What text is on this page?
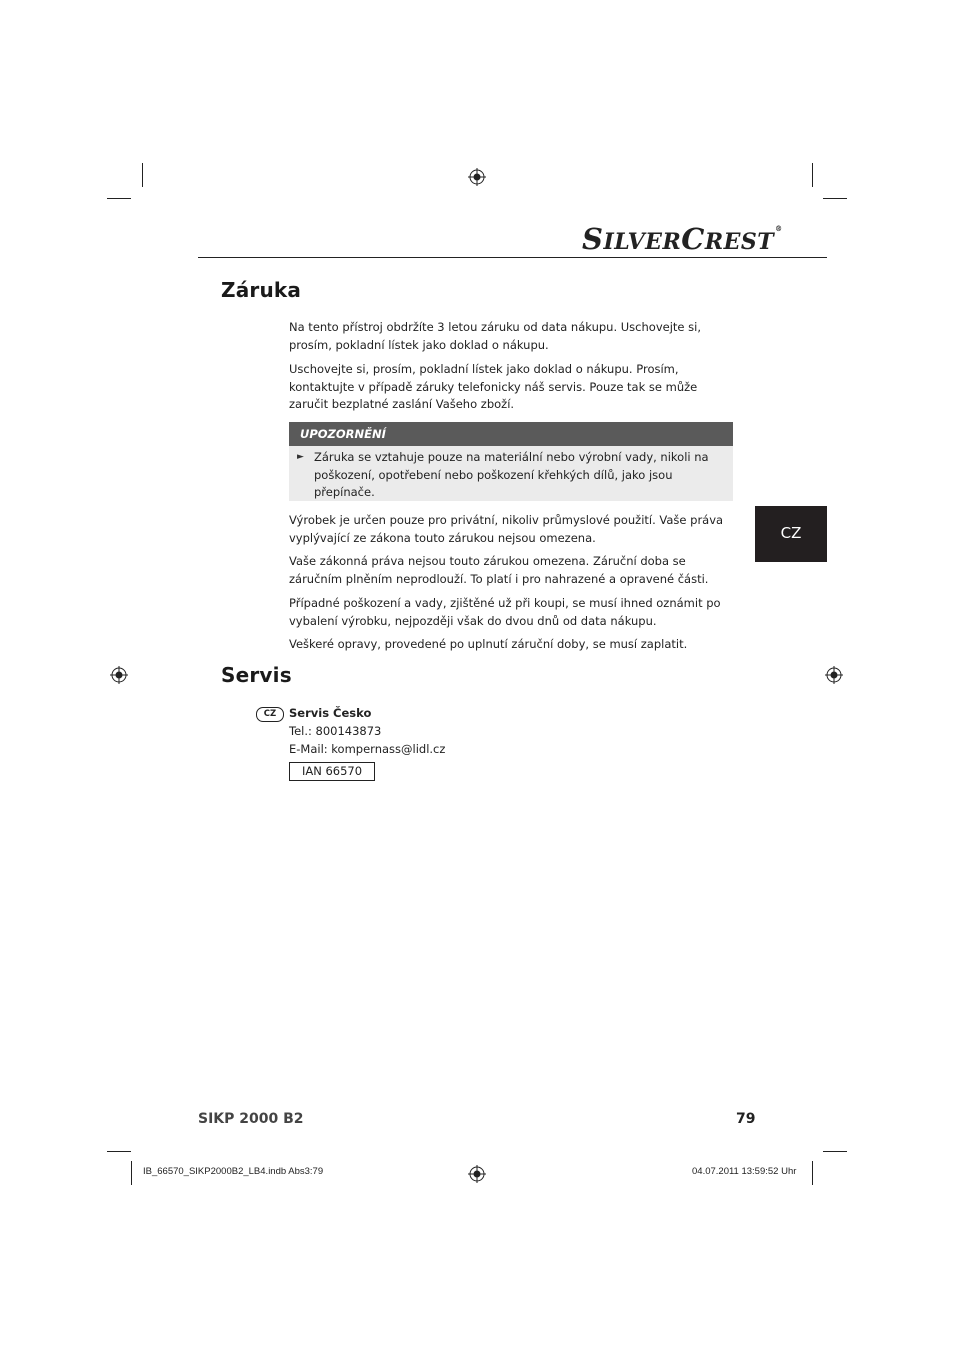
SILVERCREST®
Záruka

Na tento přístroj obdržíte 3 letou záruku od data nákupu. Uschovejte si, prosím, pokladní lístek jako doklad o nákupu.

Uschovejte si, prosím, pokladní lístek jako doklad o nákupu. Prosím, kontaktujte v případě záruky telefonicky náš servis. Pouze tak se může zaručit bezplatné zaslání Vašeho zboží.

UPOZORNĚNÍ
► Záruka se vztahuje pouze na materiální nebo výrobní vady, nikoli na poškození, opotřebení nebo poškození křehkých dílů, jako jsou přepínače.
CZ

Výrobek je určen pouze pro privátní, nikoliv průmyslové použití. Vaše práva vyplývající ze zákona touto zárukou nejsou omezena.

Vaše zákonná práva nejsou touto zárukou omezena. Záruční doba se záručním plněním neprodlouží. To platí i pro nahrazené a opravené části.

Případné poškození a vady, zjištěné už při koupi, se musí ihned oznámit po vybalení výrobku, nejpozději však do dvou dnů od data nákupu.

Veškeré opravy, provedené po uplnutí záruční doby, se musí zaplatit.

Servis
CZ	Servis Česko
Tel.: 800143873
E-Mail: kompernass@lidl.cz
IAN 66570
SIKP 2000 B2	79
IB_66570_SIKP2000B2_LB4.indb Abs3:79	04.07.2011 13:59:52 Uhr
